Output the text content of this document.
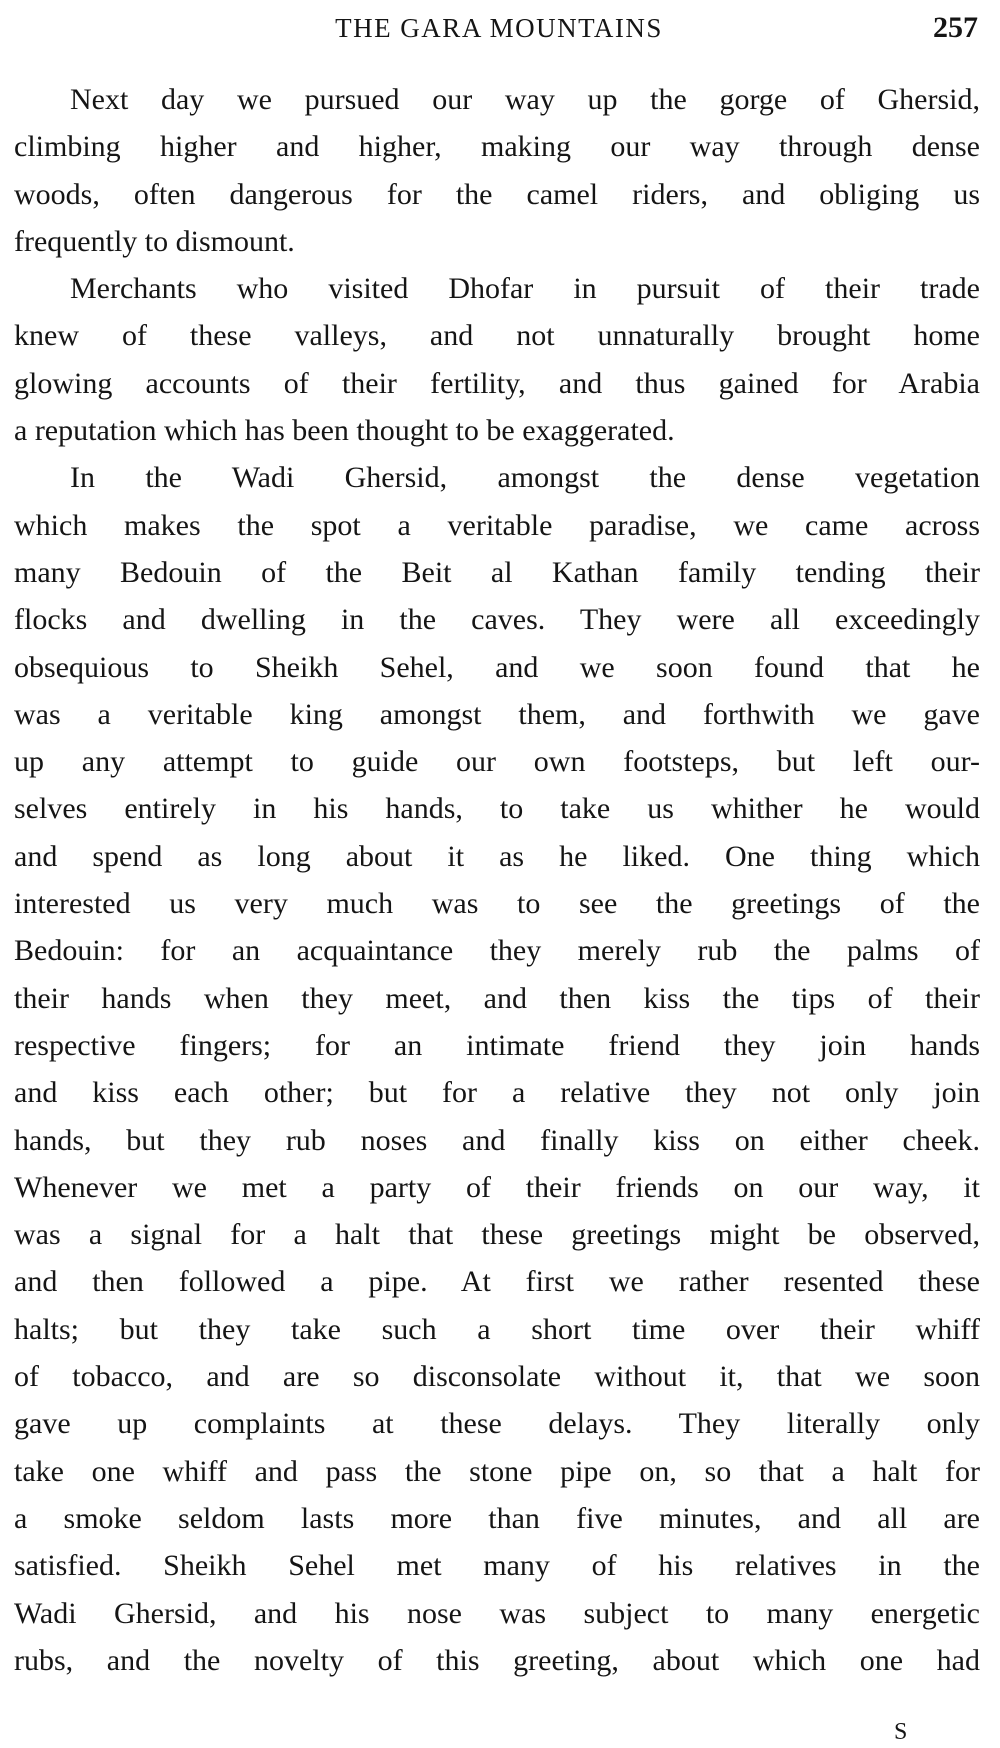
THE GARA MOUNTAINS	257
Next day we pursued our way up the gorge of Ghersid,
climbing higher and higher, making our way through dense
woods, often dangerous for the camel riders, and obliging us
frequently to dismount.
Merchants who visited Dhofar in pursuit of their trade
knew of these valleys, and not unnaturally brought home
glowing accounts of their fertility, and thus gained for Arabia
a reputation which has been thought to be exaggerated.
In the Wadi Ghersid, amongst the dense vegetation
which makes the spot a veritable paradise, we came across
many Bedouin of the Beit al Kathan family tending their
flocks and dwelling in the caves. They were all exceedingly
obsequious to Sheikh Sehel, and we soon found that he
was a veritable king amongst them, and forthwith we gave
up any attempt to guide our own footsteps, but left our-
selves entirely in his hands, to take us whither he would
and spend as long about it as he liked. One thing which
interested us very much was to see the greetings of the
Bedouin: for an acquaintance they merely rub the palms of
their hands when they meet, and then kiss the tips of their
respective fingers; for an intimate friend they join hands
and kiss each other; but for a relative they not only join
hands, but they rub noses and finally kiss on either cheek.
Whenever we met a party of their friends on our way, it
was a signal for a halt that these greetings might be observed,
and then followed a pipe. At first we rather resented these
halts; but they take such a short time over their whiff
of tobacco, and are so disconsolate without it, that we soon
gave up complaints at these delays. They literally only
take one whiff and pass the stone pipe on, so that a halt for
a smoke seldom lasts more than five minutes, and all are
satisfied. Sheikh Sehel met many of his relatives in the
Wadi Ghersid, and his nose was subject to many energetic
rubs, and the novelty of this greeting, about which one had
S
